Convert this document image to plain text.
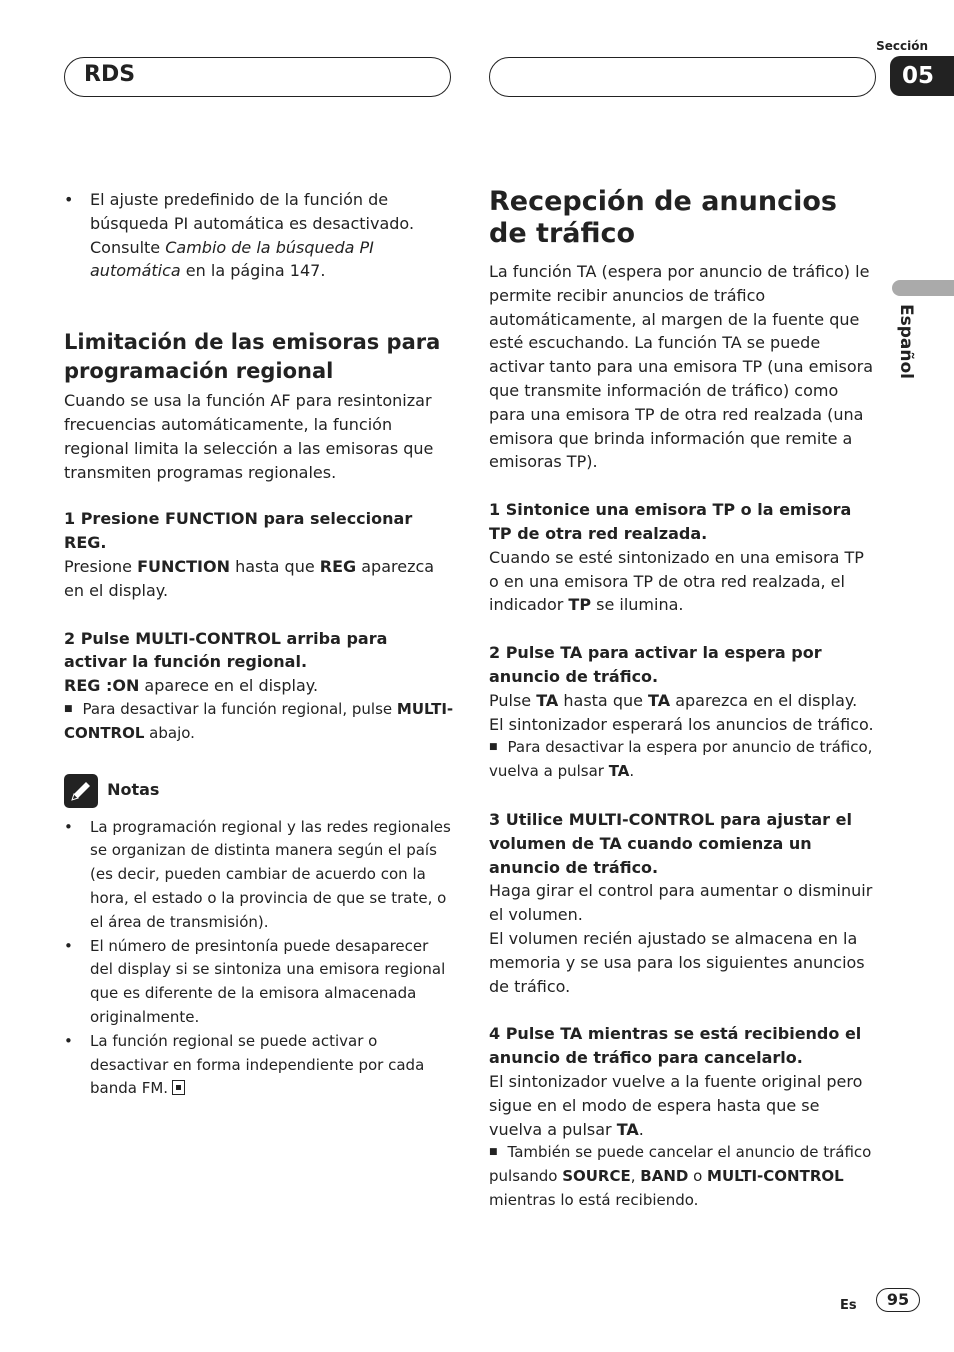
RDS
Sección
05
Español
• El ajuste predefinido de la función de búsqueda PI automática es desactivado. Consulte Cambio de la búsqueda PI automática en la página 147.
Limitación de las emisoras para programación regional

Cuando se usa la función AF para resintonizar frecuencias automáticamente, la función regional limita la selección a las emisoras que transmiten programas regionales.

1 Presione FUNCTION para seleccionar REG.

Presione FUNCTION hasta que REG aparezca en el display.

2 Pulse MULTI-CONTROL arriba para activar la función regional.

REG :ON aparece en el display.

■ Para desactivar la función regional, pulse MULTI-CONTROL abajo.

Notas
• La programación regional y las redes regionales se organizan de distinta manera según el país (es decir, pueden cambiar de acuerdo con la hora, el estado o la provincia de que se trate, o el área de transmisión).
• El número de presintonía puede desaparecer del display si se sintoniza una emisora regional que es diferente de la emisora almacenada originalmente.
• La función regional se puede activar o desactivar en forma independiente por cada banda FM.
Recepción de anuncios de tráfico

La función TA (espera por anuncio de tráfico) le permite recibir anuncios de tráfico automáticamente, al margen de la fuente que esté escuchando. La función TA se puede activar tanto para una emisora TP (una emisora que transmite información de tráfico) como para una emisora TP de otra red realzada (una emisora que brinda información que remite a emisoras TP).

1 Sintonice una emisora TP o la emisora TP de otra red realzada.

Cuando se esté sintonizado en una emisora TP o en una emisora TP de otra red realzada, el indicador TP se ilumina.

2 Pulse TA para activar la espera por anuncio de tráfico.

Pulse TA hasta que TA aparezca en el display.

El sintonizador esperará los anuncios de tráfico.

■ Para desactivar la espera por anuncio de tráfico, vuelva a pulsar TA.

3 Utilice MULTI-CONTROL para ajustar el volumen de TA cuando comienza un anuncio de tráfico.

Haga girar el control para aumentar o disminuir el volumen.

El volumen recién ajustado se almacena en la memoria y se usa para los siguientes anuncios de tráfico.

4 Pulse TA mientras se está recibiendo el anuncio de tráfico para cancelarlo.

El sintonizador vuelve a la fuente original pero sigue en el modo de espera hasta que se vuelva a pulsar TA.

■ También se puede cancelar el anuncio de tráfico pulsando SOURCE, BAND o MULTI-CONTROL mientras lo está recibiendo.

Es	95
